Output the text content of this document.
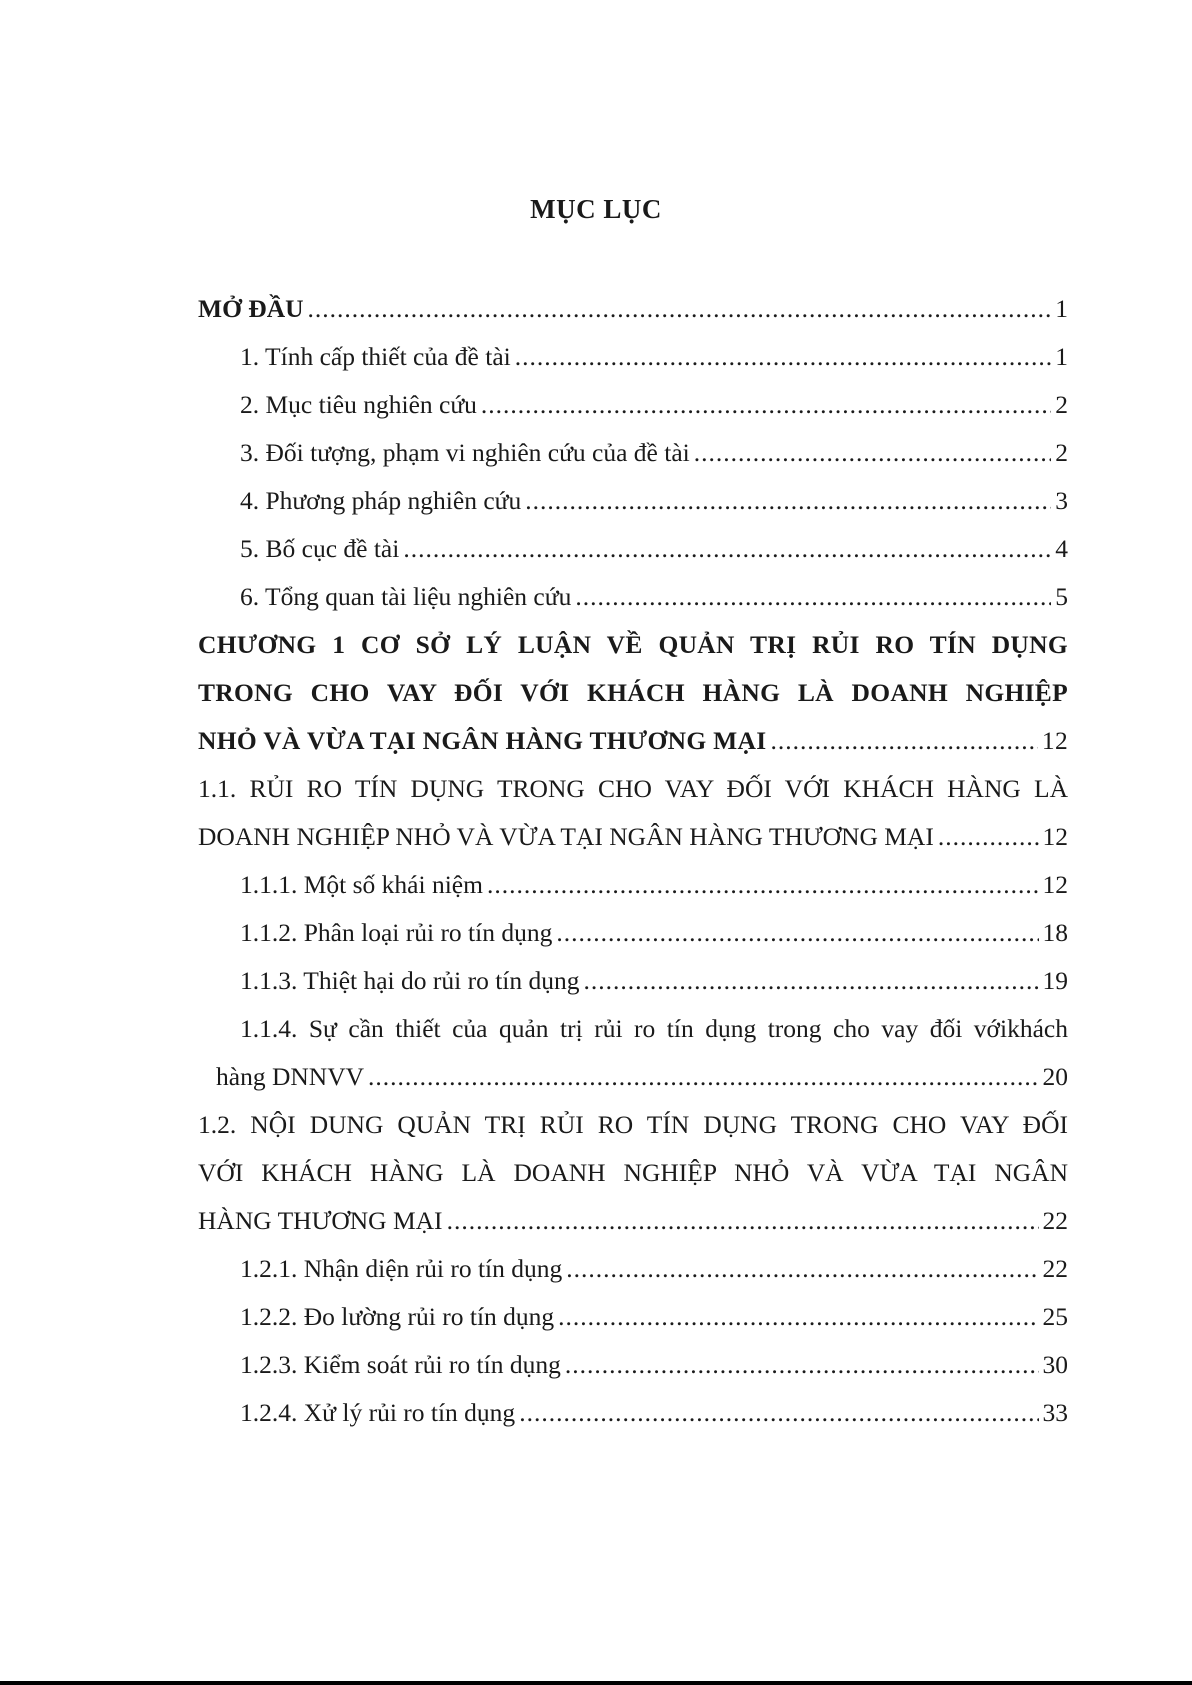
MỤC LỤC
MỞ ĐẦU .....	1
1. Tính cấp thiết của đề tài .....	1
2. Mục tiêu nghiên cứu .....	2
3. Đối tượng, phạm vi nghiên cứu của đề tài .....	2
4. Phương pháp nghiên cứu .....	3
5. Bố cục đề tài .....	4
6. Tổng quan tài liệu nghiên cứu .....	5
CHƯƠNG 1 CƠ SỞ LÝ LUẬN VỀ QUẢN TRỊ RỦI RO TÍN DỤNG
TRONG CHO VAY ĐỐI VỚI KHÁCH HÀNG LÀ DOANH NGHIỆP
NHỎ VÀ VỪA TẠI NGÂN HÀNG THƯƠNG MẠI .....	12
1.1. RỦI RO TÍN DỤNG TRONG CHO VAY ĐỐI VỚI KHÁCH HÀNG LÀ
DOANH NGHIỆP NHỎ VÀ VỪA TẠI NGÂN HÀNG THƯƠNG MẠI .....	12
1.1.1. Một số khái niệm .....	12
1.1.2. Phân loại rủi ro tín dụng .....	18
1.1.3. Thiệt hại do rủi ro tín dụng .....	19
1.1.4. Sự cần thiết của quản trị rủi ro tín dụng trong cho vay đối vớikhách
hàng DNNVV .....	20
1.2. NỘI DUNG QUẢN TRỊ RỦI RO TÍN DỤNG TRONG CHO VAY ĐỐI
VỚI KHÁCH HÀNG LÀ DOANH NGHIỆP NHỎ VÀ VỪA TẠI NGÂN
HÀNG THƯƠNG MẠI .....	22
1.2.1. Nhận diện rủi ro tín dụng .....	22
1.2.2. Đo lường rủi ro tín dụng .....	25
1.2.3. Kiểm soát rủi ro tín dụng .....	30
1.2.4. Xử lý rủi ro tín dụng .....	33
